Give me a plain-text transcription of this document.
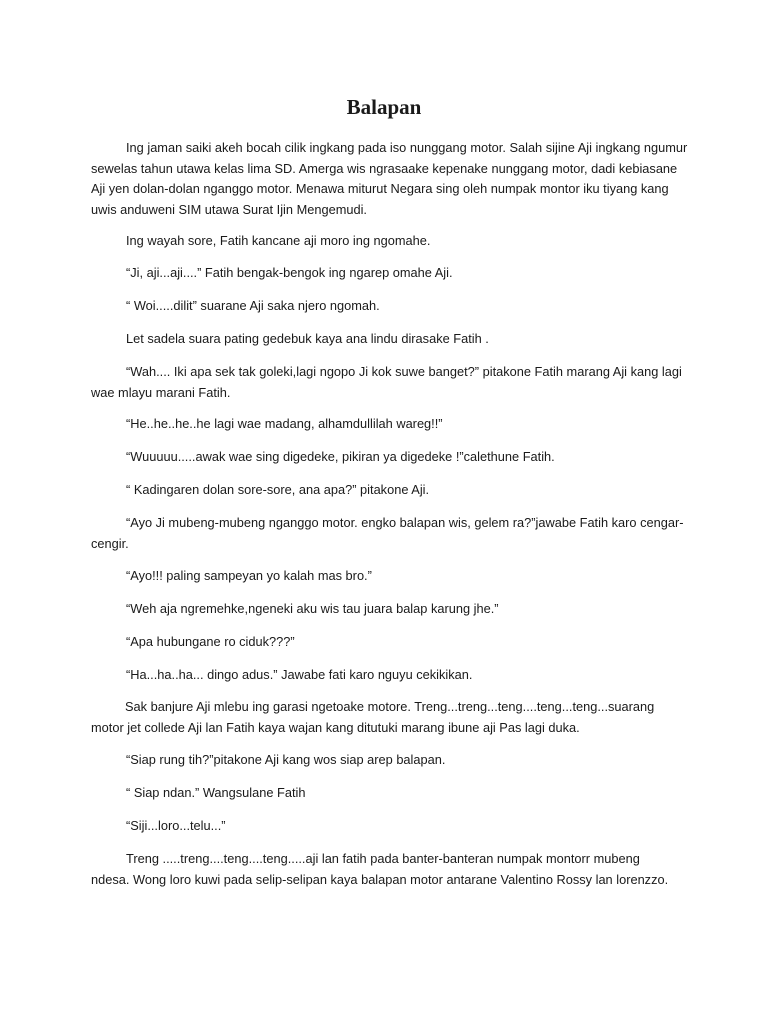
Balapan
Ing jaman saiki akeh bocah cilik ingkang pada iso nunggang motor. Salah sijine Aji ingkang ngumur
sewelas tahun utawa kelas lima SD. Amerga wis ngrasaake kepenake nunggang motor, dadi kebiasane
Aji yen dolan-dolan nganggo motor. Menawa miturut Negara sing oleh numpak montor iku tiyang kang
uwis anduweni SIM utawa Surat Ijin Mengemudi.
Ing wayah sore, Fatih kancane aji moro ing ngomahe.
“Ji, aji...aji....” Fatih bengak-bengok ing ngarep omahe Aji.
“ Woi.....dilit” suarane Aji saka njero ngomah.
Let sadela suara pating gedebuk kaya ana lindu dirasake Fatih .
“Wah.... Iki apa sek tak goleki,lagi ngopo Ji kok suwe banget?” pitakone Fatih marang Aji kang lagi
wae mlayu marani Fatih.
“He..he..he..he lagi wae madang, alhamdullilah wareg!!”
“Wuuuuu.....awak wae sing digedeke, pikiran ya digedeke !”calethune Fatih.
“ Kadingaren dolan sore-sore, ana apa?” pitakone Aji.
“Ayo Ji mubeng-mubeng nganggo motor. engko balapan wis, gelem ra?”jawabe Fatih karo cengar-
cengir.
“Ayo!!! paling sampeyan yo kalah mas bro.”
“Weh aja ngremehke,ngeneki aku wis tau juara balap karung jhe.”
“Apa hubungane ro ciduk???”
“Ha...ha..ha... dingo adus.” Jawabe fati karo nguyu cekikikan.
Sak banjure Aji mlebu ing garasi ngetoake motore. Treng...treng...teng....teng...teng...suarang
motor jet collede Aji lan Fatih kaya wajan kang ditutuki marang ibune aji Pas lagi duka.
“Siap rung tih?”pitakone Aji kang wos siap arep balapan.
“ Siap ndan.” Wangsulane Fatih
“Siji...loro...telu...”
Treng .....treng....teng....teng.....aji lan fatih pada banter-banteran numpak montorr mubeng
ndesa. Wong loro kuwi pada selip-selipan kaya balapan motor antarane Valentino Rossy lan lorenzzo.
